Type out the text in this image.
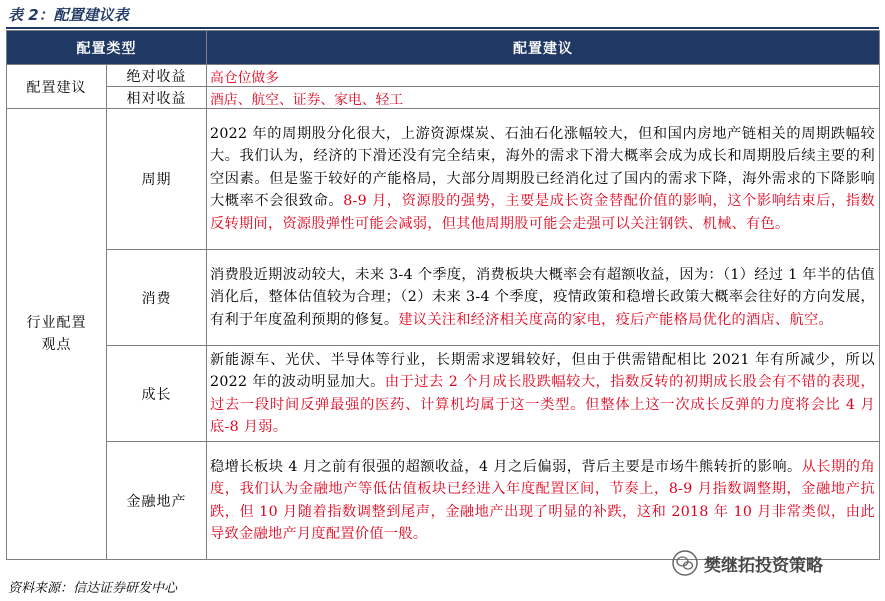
表 2：配置建议表
配置类型		配置建议
配置建议	绝对收益	高仓位做多
	相对收益	酒店、航空、证券、家电、轻工
行业配置观点	周期	2022 年的周期股分化很大，上游资源煤炭、石油石化涨幅较大，但和国内房地产链相关的周期跌幅较大。我们认为，经济的下滑还没有完全结束，海外的需求下滑大概率会成为成长和周期股后续主要的利空因素。但是鉴于较好的产能格局，大部分周期股已经消化过了国内的需求下降，海外需求的下降影响大概率不会很致命。8-9 月，资源股的强势，主要是成长资金替配价值的影响，这个影响结束后，指数反转期间，资源股弹性可能会减弱，但其他周期股可能会走强可以关注钢铁、机械、有色。
	消费	消费股近期波动较大，未来 3-4 个季度，消费板块大概率会有超额收益，因为：（1）经过 1 年半的估值消化后，整体估值较为合理；（2）未来 3-4 个季度，疫情政策和稳增长政策大概率会往好的方向发展，有利于年度盈利预期的修复。建议关注和经济相关度高的家电，疫后产能格局优化的酒店、航空。
	成长	新能源车、光伏、半导体等行业，长期需求逻辑较好，但由于供需错配相比 2021 年有所减少，所以 2022 年的波动明显加大。由于过去 2 个月成长股跌幅较大，指数反转的初期成长股会有不错的表现，过去一段时间反弹最强的医药、计算机均属于这一类型。但整体上这一次成长反弹的力度将会比 4 月底-8 月弱。
	金融地产	稳增长板块 4 月之前有很强的超额收益，4 月之后偏弱，背后主要是市场牛熊转折的影响。从长期的角度，我们认为金融地产等低估值板块已经进入年度配置区间，节奏上，8-9 月指数调整期，金融地产抗跌，但 10 月随着指数调整到尾声，金融地产出现了明显的补跌，这和 2018 年 10 月非常类似，由此导致金融地产月度配置价值一般。
樊继拓投资策略
资料来源：信达证券研发中心
